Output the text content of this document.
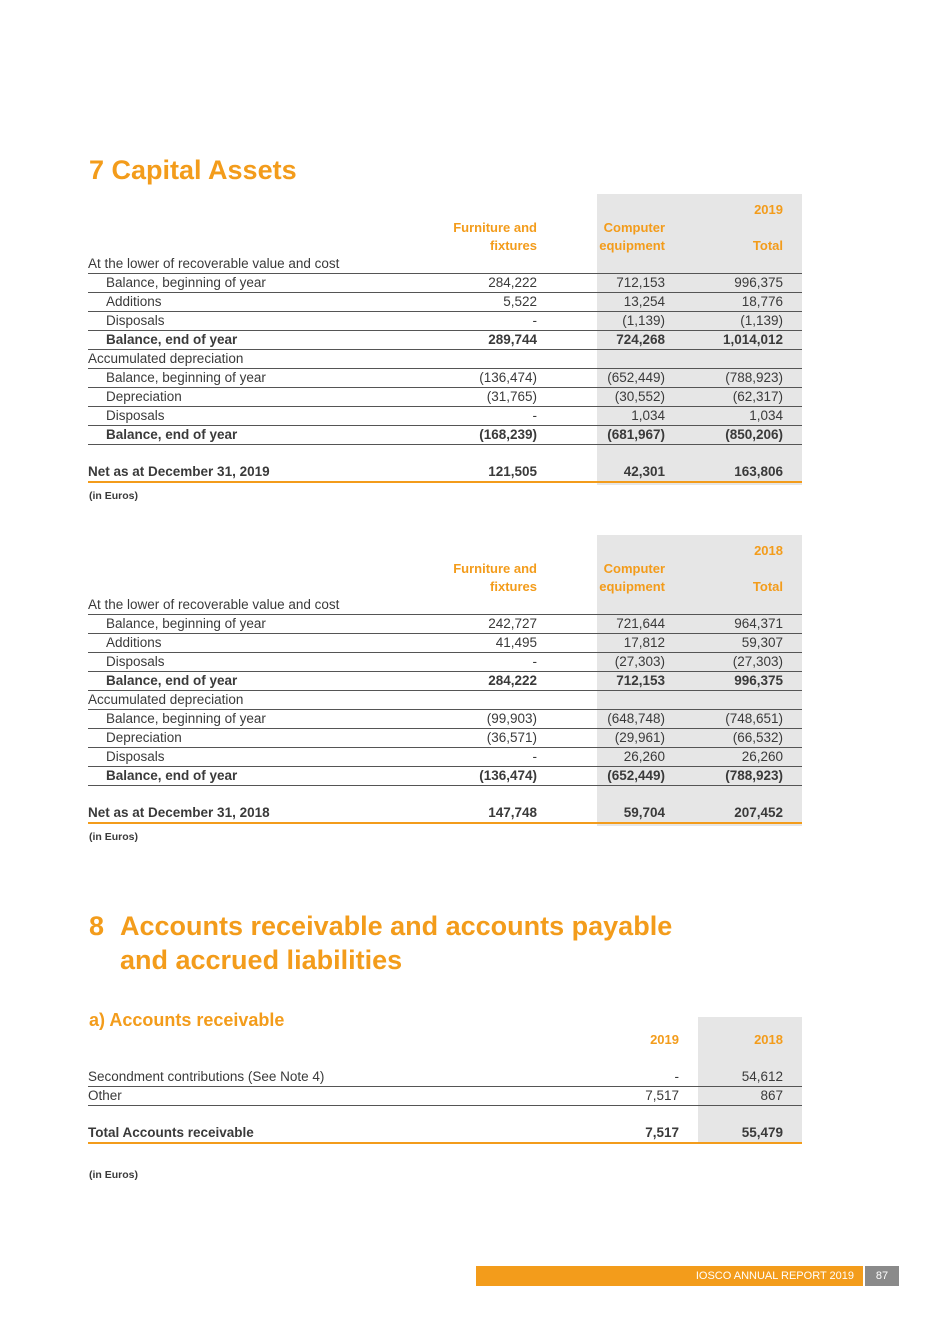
7 Capital Assets
			2019
	Furniture and	Computer	
	fixtures	equipment	Total
At the lower of recoverable value and cost			
Balance, beginning of year	284,222	712,153	996,375
Additions	5,522	13,254	18,776
Disposals	-	(1,139)	(1,139)
Balance, end of year	289,744	724,268	1,014,012
Accumulated depreciation			
Balance, beginning of year	(136,474)	(652,449)	(788,923)
Depreciation	(31,765)	(30,552)	(62,317)
Disposals	-	1,034	1,034
Balance, end of year	(168,239)	(681,967)	(850,206)

Net as at December 31, 2019	121,505	42,301	163,806
(in Euros)
			2018
	Furniture and	Computer	
	fixtures	equipment	Total
At the lower of recoverable value and cost			
Balance, beginning of year	242,727	721,644	964,371
Additions	41,495	17,812	59,307
Disposals	-	(27,303)	(27,303)
Balance, end of year	284,222	712,153	996,375
Accumulated depreciation			
Balance, beginning of year	(99,903)	(648,748)	(748,651)
Depreciation	(36,571)	(29,961)	(66,532)
Disposals	-	26,260	26,260
Balance, end of year	(136,474)	(652,449)	(788,923)

Net as at December 31, 2018	147,748	59,704	207,452
(in Euros)
8 Accounts receivable and accounts payable
and accrued liabilities
a) Accounts receivable
	2019	2018

Secondment contributions (See Note 4)	-	54,612
Other	7,517	867

Total Accounts receivable	7,517	55,479
(in Euros)
IOSCO ANNUAL REPORT 2019	87
